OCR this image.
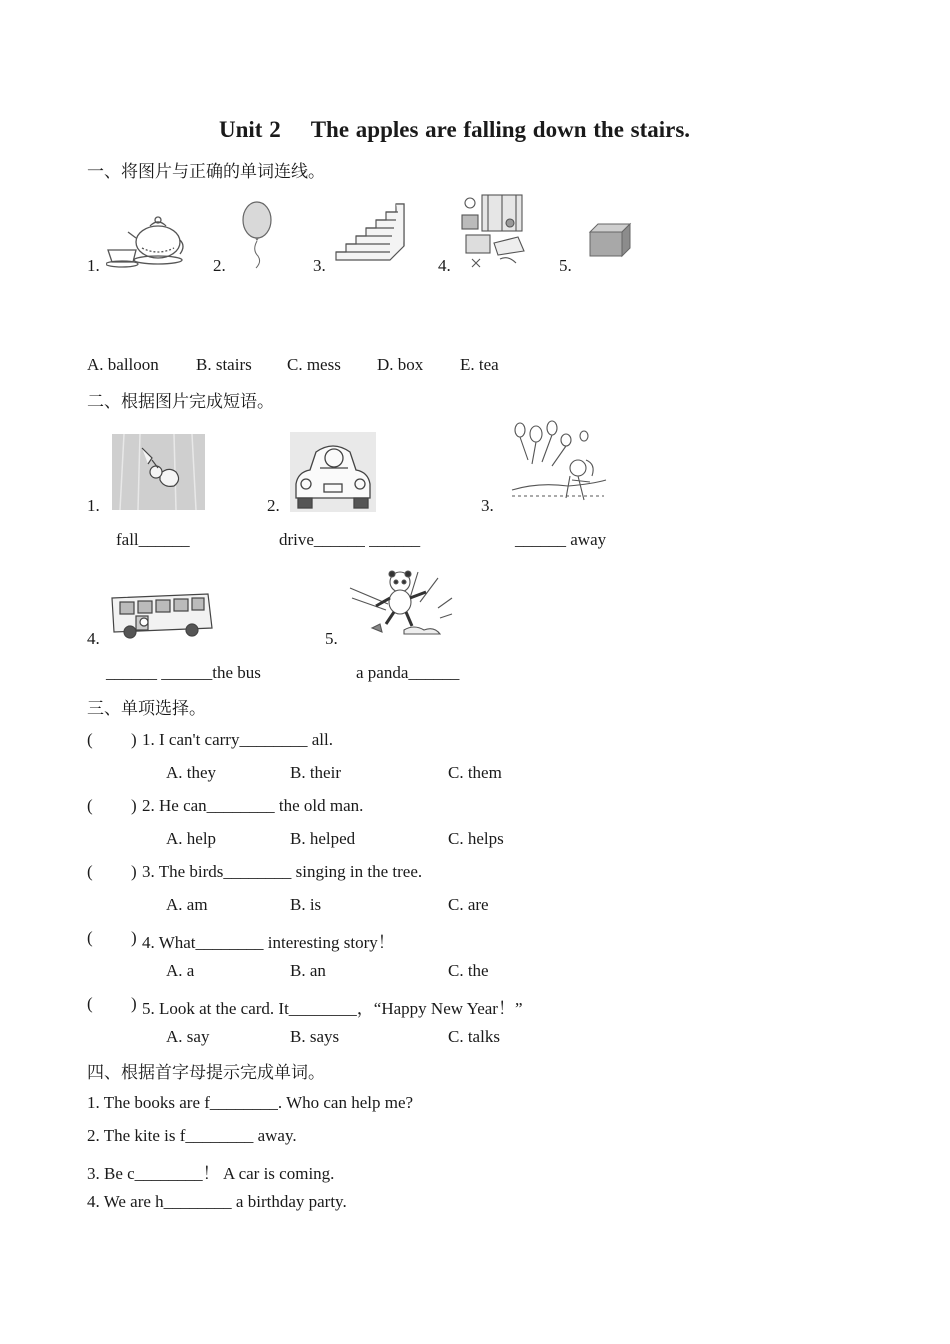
Unit 2 The apples are falling down the stairs.
一、将图片与正确的单词连线。
1.	2.	3.	4.	5.
A. balloon B. stairs C. mess D. box E. tea
二、根据图片完成短语。
1.
fall______
2.
drive______ ______
3.
______ away
4.
______ ______the bus
5.
a panda______
三、单项选择。
( ) 1. I can't carry________ all.
A. they	B. their	C. them
( ) 2. He can________ the old man.
A. help	B. helped	C. helps
( ) 3. The birds________ singing in the tree.
A. am	B. is	C. are
( ) 4. What________ interesting story！
A. a	B. an	C. the
( ) 5. Look at the card. It________，“Happy New Year！”
A. say	B. says	C. talks
四、根据首字母提示完成单词。
1. The books are f________. Who can help me?
2. The kite is f________ away.
3. Be c________！ A car is coming.
4. We are h________ a birthday party.
